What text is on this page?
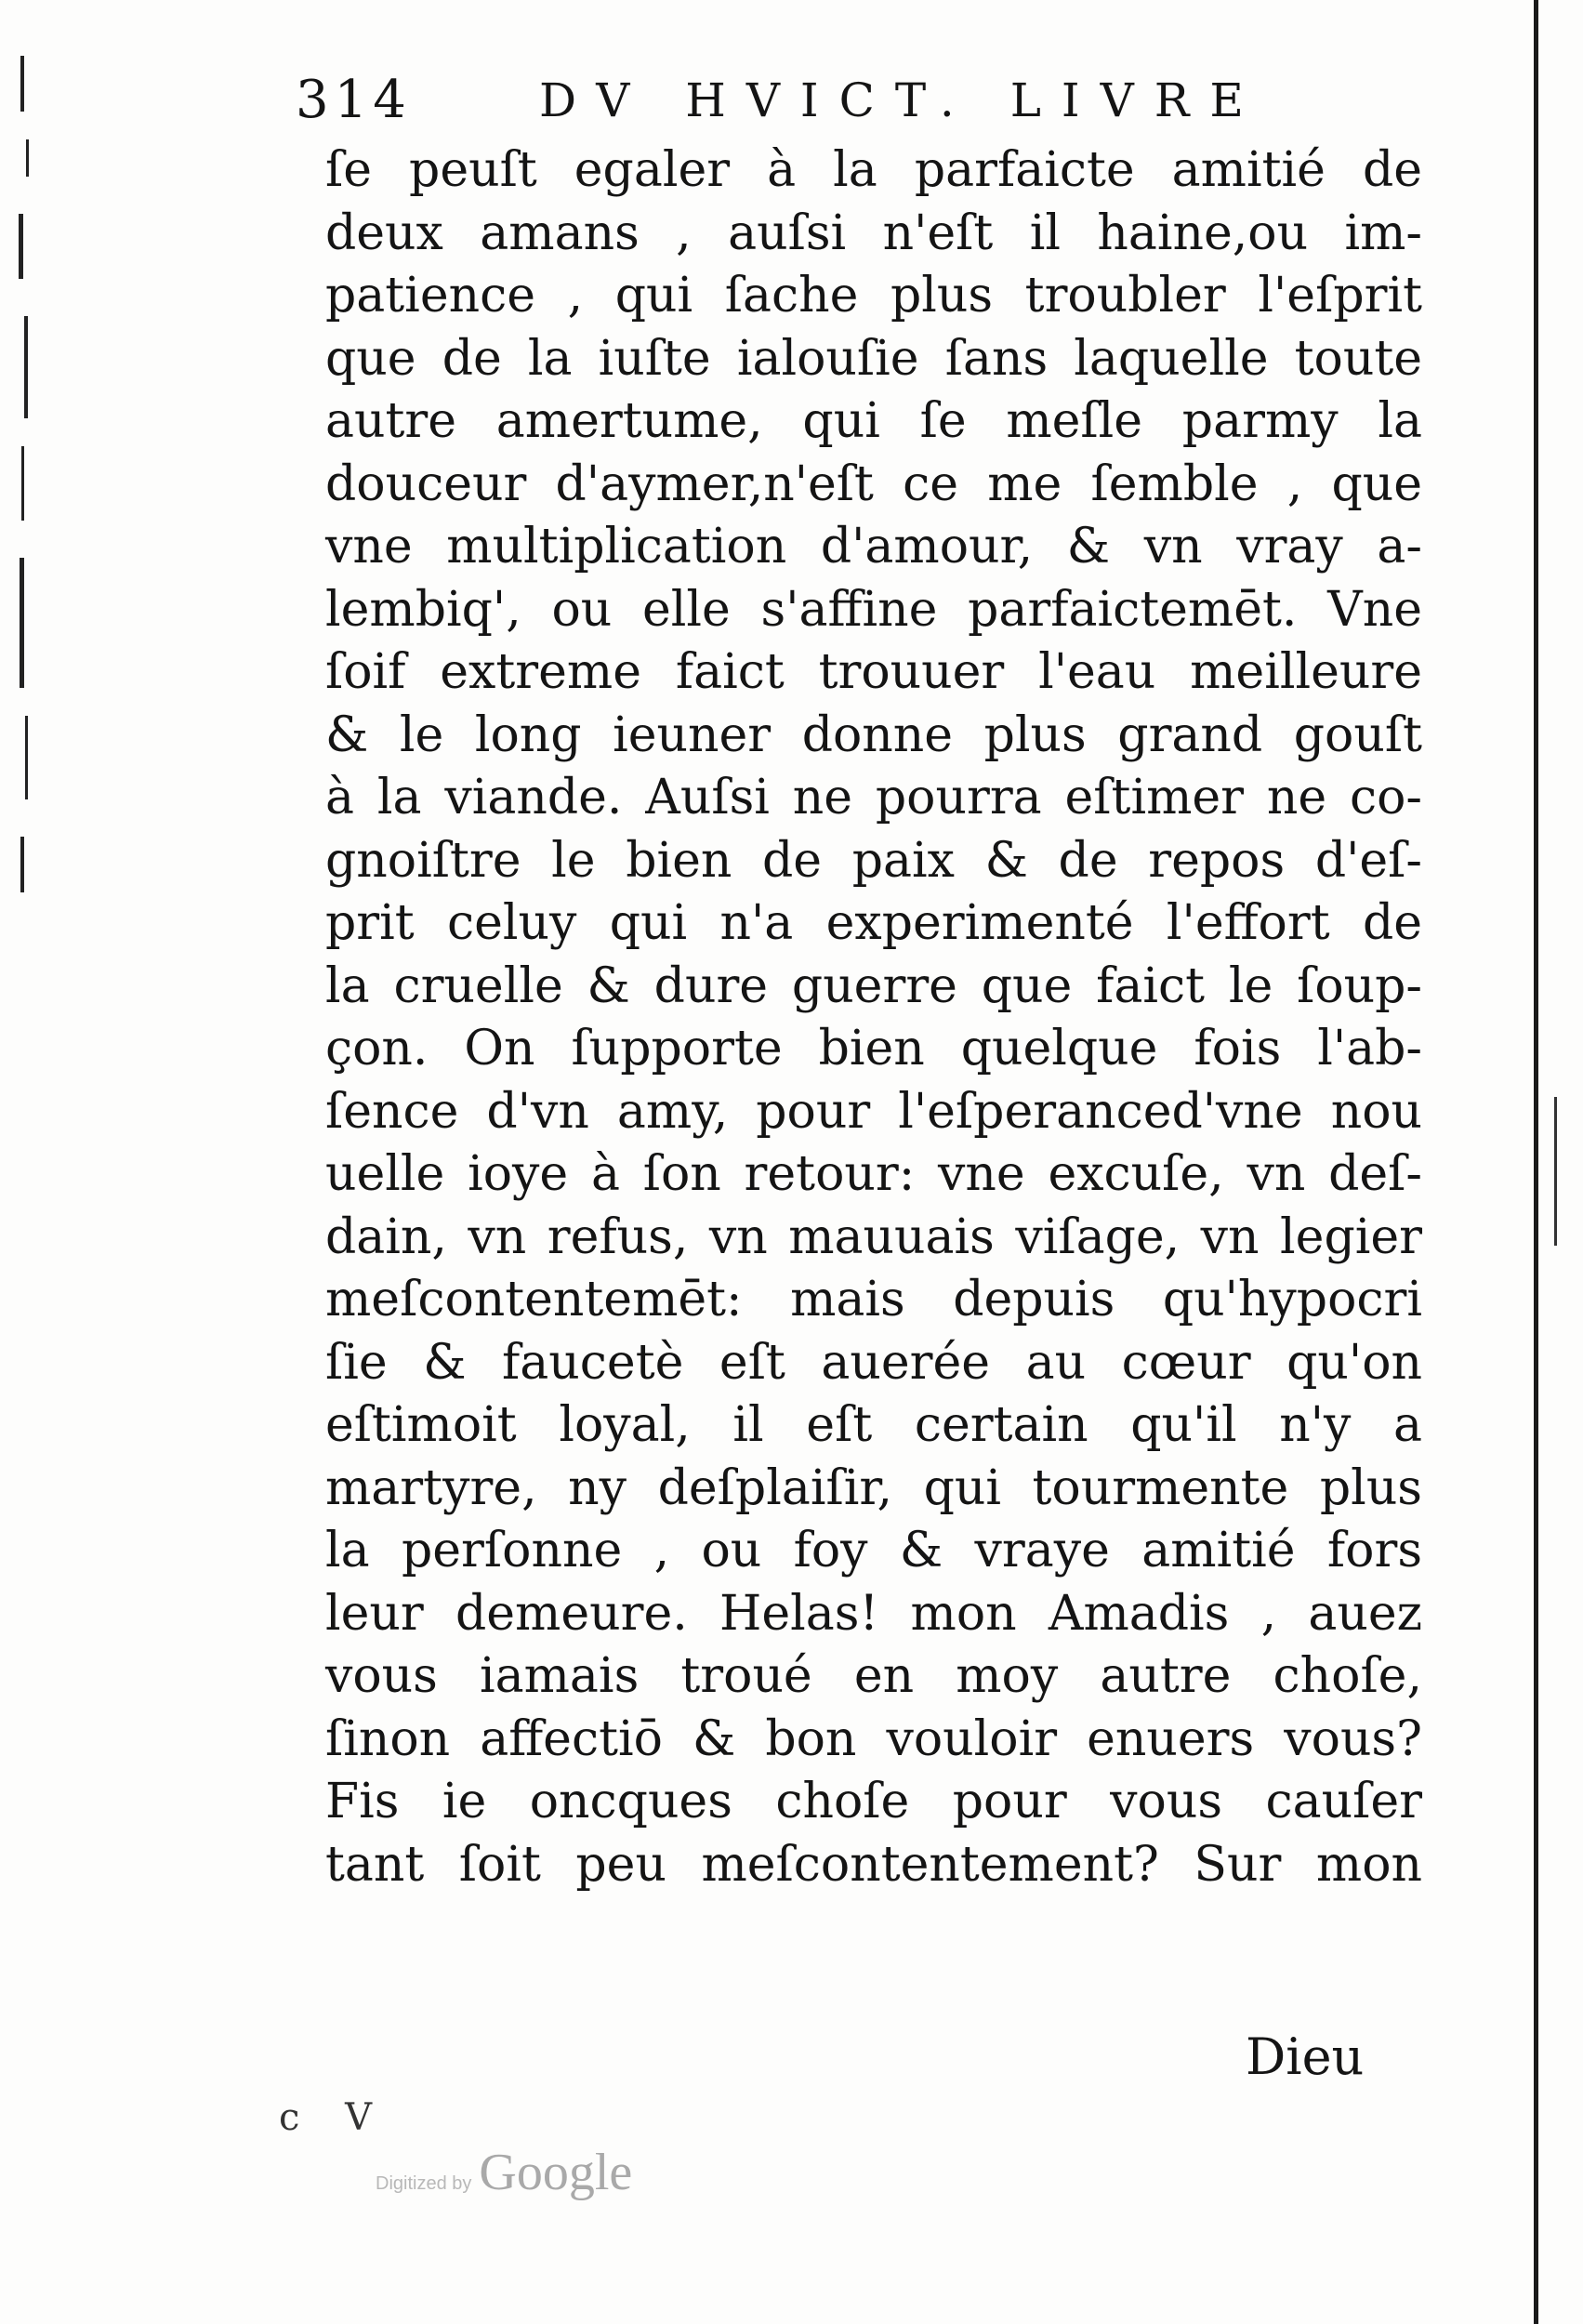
314	DV HVICT. LIVRE
ſe peuſt egaler à la parfaicte amitié de
deux amans , auſsi n'eſt il haine,ou im-
patience , qui ſache plus troubler l'eſprit
que de la iuſte ialouſie ſans laquelle toute
autre amertume, qui ſe meſle parmy la
douceur d'aymer,n'eſt ce me ſemble , que
vne multiplication d'amour, & vn vray a-
lembiq', ou elle s'affine parfaictemēt. Vne
ſoif extreme faict trouuer l'eau meilleure
& le long ieuner donne plus grand gouſt
à la viande. Auſsi ne pourra eſtimer ne co-
gnoiſtre le bien de paix & de repos d'eſ-
prit celuy qui n'a experimenté l'effort de
la cruelle & dure guerre que faict le ſoup-
çon. On ſupporte bien quelque fois l'ab-
ſence d'vn amy, pour l'eſperanced'vne nou
uelle ioye à ſon retour: vne excuſe, vn deſ-
dain, vn refus, vn mauuais viſage, vn legier
meſcontentemēt: mais depuis qu'hypocri
ſie & faucetè eſt auerée au cœur qu'on
eſtimoit loyal, il eſt certain qu'il n'y a
martyre, ny deſplaiſir, qui tourmente plus
la perſonne , ou foy & vraye amitié fors
leur demeure. Helas! mon Amadis , auez
vous iamais troué en moy autre choſe,
ſinon affectiō & bon vouloir enuers vous?
Fis ie oncques choſe pour vous cauſer
tant ſoit peu meſcontentement? Sur mon
Dieu
c V
Digitized by Google
